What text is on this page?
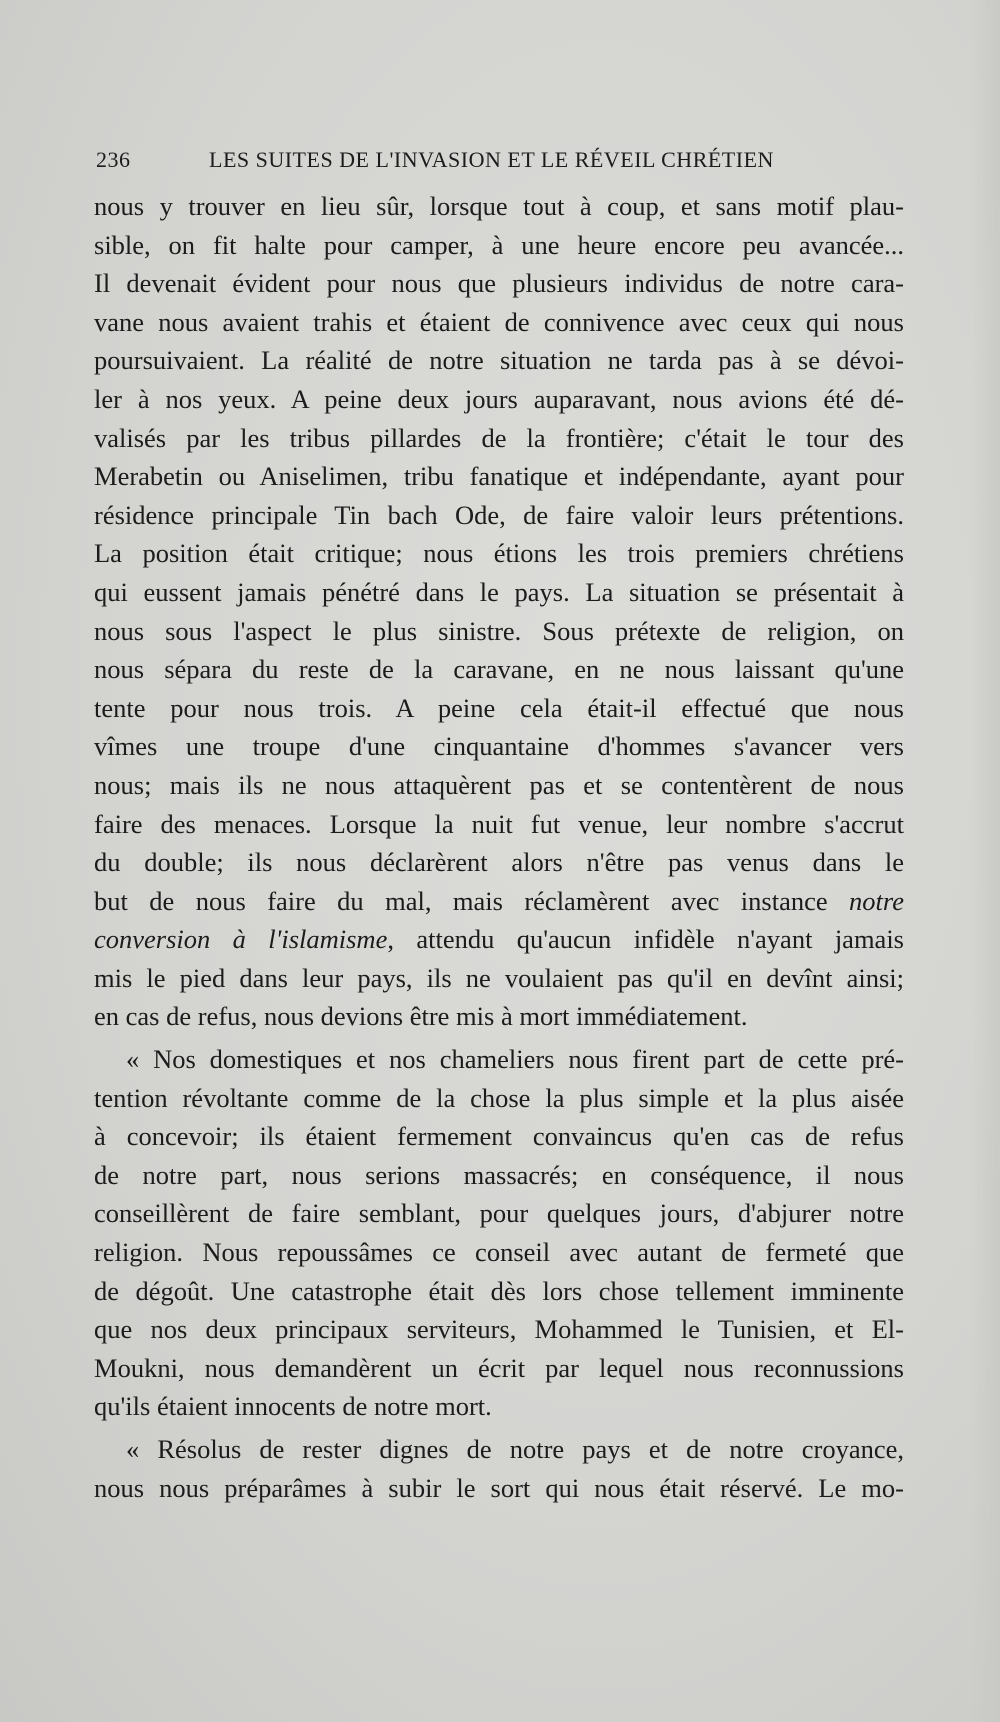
236	LES SUITES DE L'INVASION ET LE RÉVEIL CHRÉTIEN

nous y trouver en lieu sûr, lorsque tout à coup, et sans motif plau-
sible, on fit halte pour camper, à une heure encore peu avancée...
Il devenait évident pour nous que plusieurs individus de notre cara-
vane nous avaient trahis et étaient de connivence avec ceux qui nous
poursuivaient. La réalité de notre situation ne tarda pas à se dévoi-
ler à nos yeux. A peine deux jours auparavant, nous avions été dé-
valisés par les tribus pillardes de la frontière; c'était le tour des
Merabetin ou Aniselimen, tribu fanatique et indépendante, ayant pour
résidence principale Tin bach Ode, de faire valoir leurs prétentions.
La position était critique; nous étions les trois premiers chrétiens
qui eussent jamais pénétré dans le pays. La situation se présentait à
nous sous l'aspect le plus sinistre. Sous prétexte de religion, on
nous sépara du reste de la caravane, en ne nous laissant qu'une
tente pour nous trois. A peine cela était-il effectué que nous
vîmes une troupe d'une cinquantaine d'hommes s'avancer vers
nous; mais ils ne nous attaquèrent pas et se contentèrent de nous
faire des menaces. Lorsque la nuit fut venue, leur nombre s'accrut
du double; ils nous déclarèrent alors n'être pas venus dans le
but de nous faire du mal, mais réclamèrent avec instance notre
conversion à l'islamisme, attendu qu'aucun infidèle n'ayant jamais
mis le pied dans leur pays, ils ne voulaient pas qu'il en devînt ainsi;
en cas de refus, nous devions être mis à mort immédiatement.

« Nos domestiques et nos chameliers nous firent part de cette pré-
tention révoltante comme de la chose la plus simple et la plus aisée
à concevoir; ils étaient fermement convaincus qu'en cas de refus
de notre part, nous serions massacrés; en conséquence, il nous
conseillèrent de faire semblant, pour quelques jours, d'abjurer notre
religion. Nous repoussâmes ce conseil avec autant de fermeté que
de dégoût. Une catastrophe était dès lors chose tellement imminente
que nos deux principaux serviteurs, Mohammed le Tunisien, et El-
Moukni, nous demandèrent un écrit par lequel nous reconnussions
qu'ils étaient innocents de notre mort.

« Résolus de rester dignes de notre pays et de notre croyance,
nous nous préparâmes à subir le sort qui nous était réservé. Le mo-
